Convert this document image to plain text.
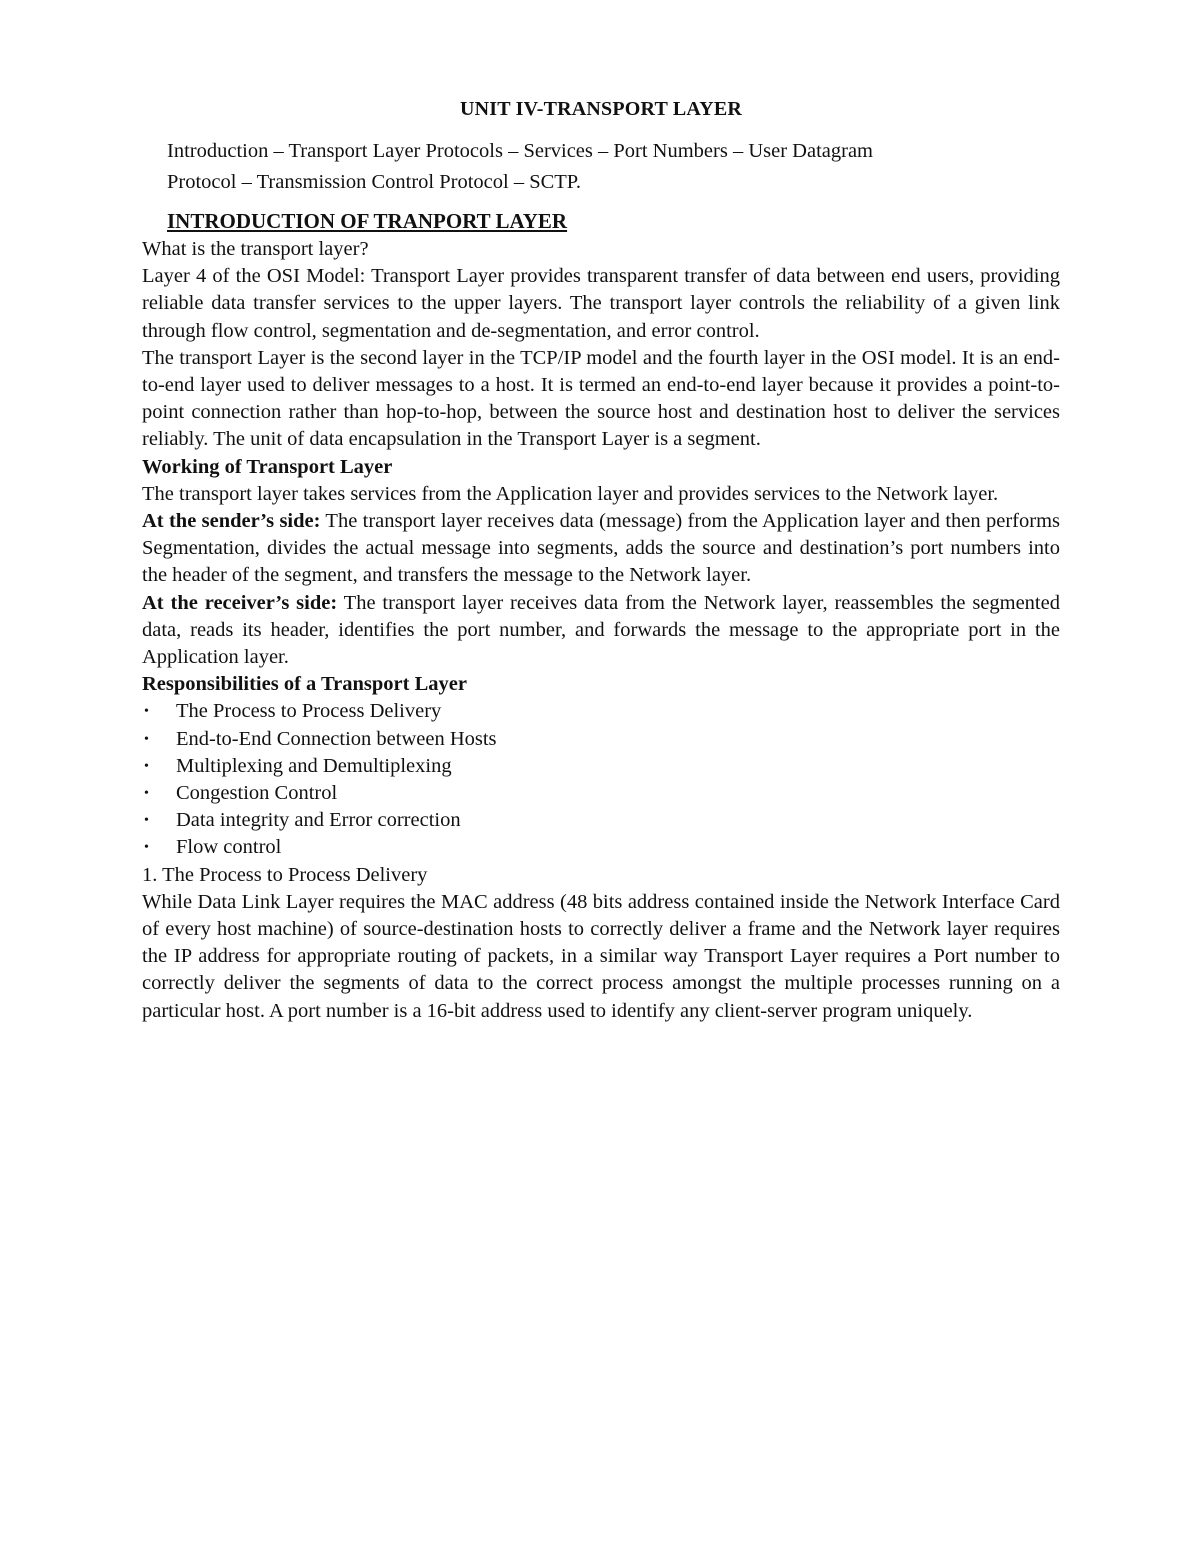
UNIT IV-TRANSPORT LAYER
Introduction – Transport Layer Protocols – Services – Port Numbers – User Datagram
Protocol – Transmission Control Protocol – SCTP.
INTRODUCTION OF TRANPORT LAYER

What is the transport layer?

Layer 4 of the OSI Model: Transport Layer provides transparent transfer of data between end users, providing reliable data transfer services to the upper layers. The transport layer controls the reliability of a given link through flow control, segmentation and de-segmentation, and error control.

The transport Layer is the second layer in the TCP/IP model and the fourth layer in the OSI model. It is an end-to-end layer used to deliver messages to a host. It is termed an end-to-end layer because it provides a point-to-point connection rather than hop-to-hop, between the source host and destination host to deliver the services reliably. The unit of data encapsulation in the Transport Layer is a segment.

Working of Transport Layer

The transport layer takes services from the Application layer and provides services to the Network layer.

At the sender’s side: The transport layer receives data (message) from the Application layer and then performs Segmentation, divides the actual message into segments, adds the source and destination’s port numbers into the header of the segment, and transfers the message to the Network layer.

At the receiver’s side: The transport layer receives data from the Network layer, reassembles the segmented data, reads its header, identifies the port number, and forwards the message to the appropriate port in the Application layer.

Responsibilities of a Transport Layer

• The Process to Process Delivery
• End-to-End Connection between Hosts
• Multiplexing and Demultiplexing
• Congestion Control
• Data integrity and Error correction
• Flow control

1. The Process to Process Delivery

While Data Link Layer requires the MAC address (48 bits address contained inside the Network Interface Card of every host machine) of source-destination hosts to correctly deliver a frame and the Network layer requires the IP address for appropriate routing of packets, in a similar way Transport Layer requires a Port number to correctly deliver the segments of data to the correct process amongst the multiple processes running on a particular host. A port number is a 16-bit address used to identify any client-server program uniquely.
